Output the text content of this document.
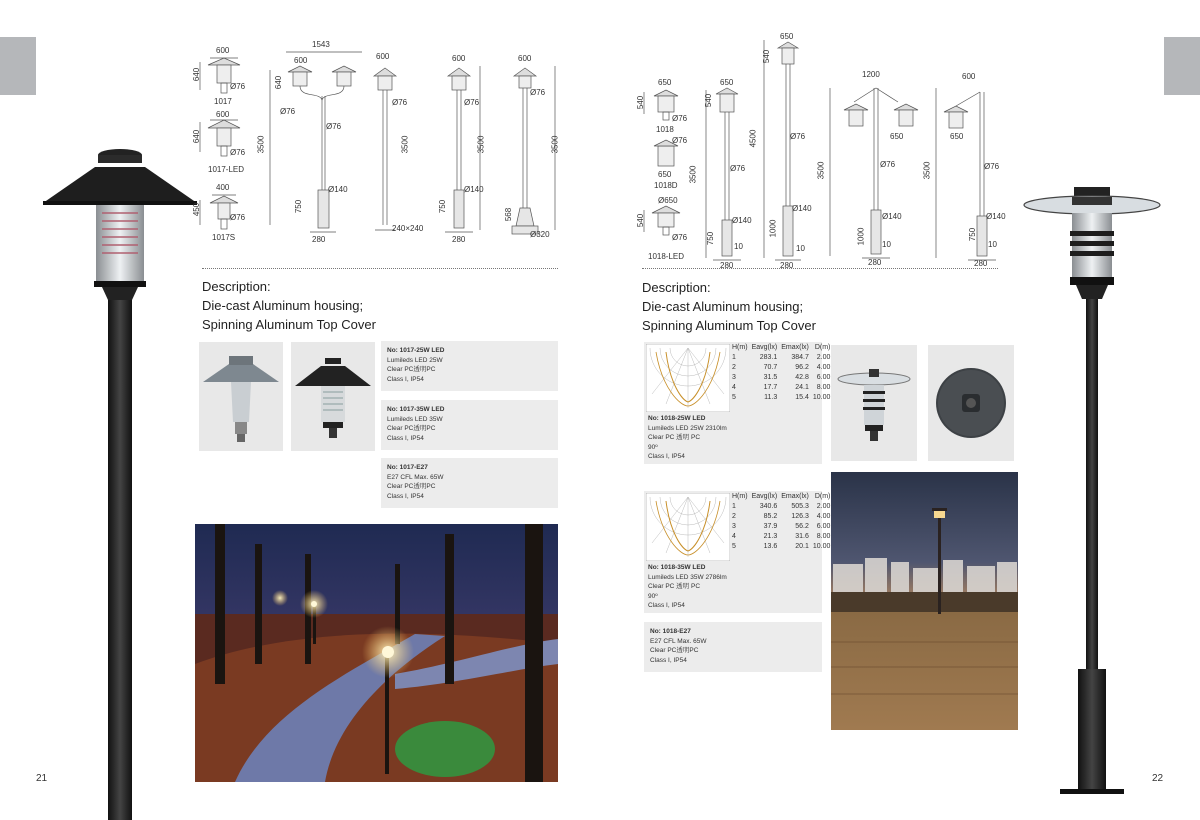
600
640
Ø76
1017
600
640
Ø76
1017-LED
400
450
Ø76
1017S
1543
600
640
3500
Ø76
Ø76
750
Ø140
280
600
Ø76
3500
240×240
600
Ø76
3500
750
Ø140
280
600
Ø76
3500
568
Ø320
Description:
Die-cast Aluminum housing;
Spinning Aluminum Top Cover
No: 1017-25W LED
Lumileds LED 25W
Clear PC透明PC
Class I, IP54
No: 1017-35W LED
Lumileds LED 35W
Clear PC透明PC
Class I, IP54
No: 1017-E27
E27 CFL Max. 65W
Clear PC透明PC
Class I, IP54
21
650
540
Ø76
1018
Ø76
650
1018D
Ø650
540
Ø76
1018-LED
650
540
3500	Ø76
750
Ø140
10
280
650
540
4500	Ø76
1000
Ø140
10
280
1200
650
3500	Ø76
1000
Ø140
10
280
600
650
3500	Ø76
750
Ø140
10
280
Description:
Die-cast Aluminum housing;
Spinning Aluminum Top Cover
H(m)	Eavg(lx)	Emax(lx)	D(m)
1	283.1	384.7	2.00
2	70.7	96.2	4.00
3	31.5	42.8	6.00
4	17.7	24.1	8.00
5	11.3	15.4	10.00
No: 1018-25W LED
Lumileds LED 25W 2310lm
Clear PC 透明 PC
90º
Class I, IP54
H(m)	Eavg(lx)	Emax(lx)	D(m)
1	340.6	505.3	2.00
2	85.2	126.3	4.00
3	37.9	56.2	6.00
4	21.3	31.6	8.00
5	13.6	20.1	10.00
No: 1018-35W LED
Lumileds LED 35W 2786lm
Clear PC 透明 PC
90º
Class I, IP54
No: 1018-E27
E27 CFL Max. 65W
Clear PC透明PC
Class I, IP54
22
